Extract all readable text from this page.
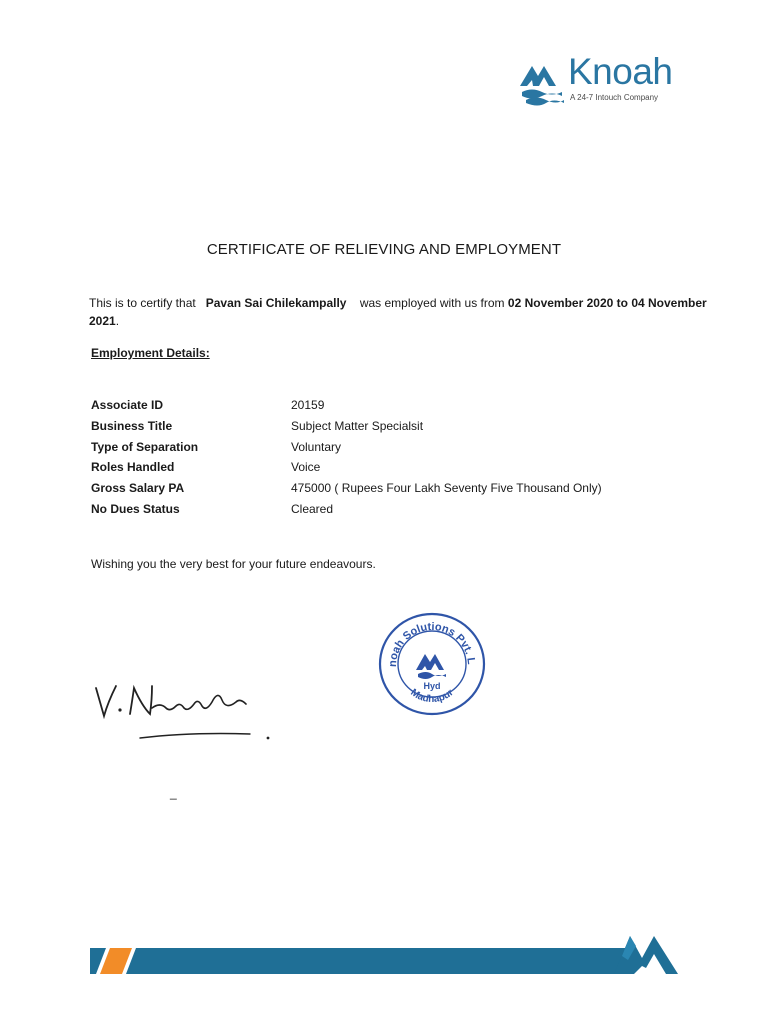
Knoah
A 24-7 Intouch Company
CERTIFICATE OF RELIEVING AND EMPLOYMENT
This is to certify that Pavan Sai Chilekampally was employed with us from 02 November 2020 to 04 November 2021.
Employment Details:
Associate ID	20159
Business Title	Subject Matter Specialsit
Type of Separation	Voluntary
Roles Handled	Voice
Gross Salary PA	475000 ( Rupees Four Lakh Seventy Five Thousand Only)
No Dues Status	Cleared
Wishing you the very best for your future endeavours.
noah Solutions Pvt. L
Madhapur
Hyd
_
